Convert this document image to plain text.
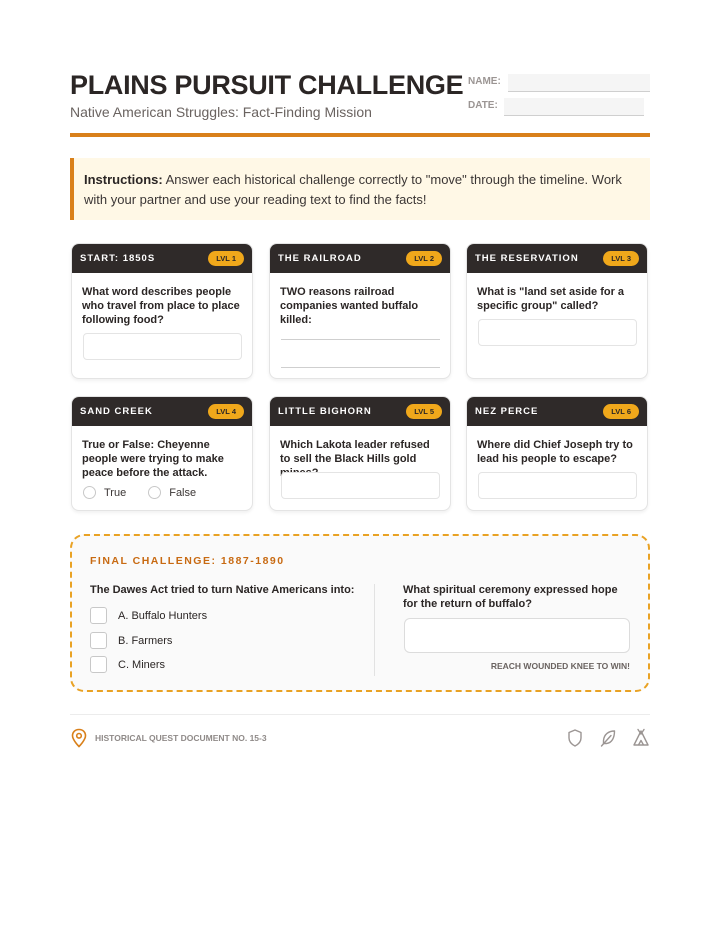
PLAINS PURSUIT CHALLENGE
Native American Struggles: Fact-Finding Mission
NAME:
DATE:
Instructions: Answer each historical challenge correctly to "move" through the timeline. Work with your partner and use your reading text to find the facts!
START: 1850S	LVL 1
What word describes people who travel from place to place following food?
THE RAILROAD	LVL 2
TWO reasons railroad companies wanted buffalo killed:
THE RESERVATION	LVL 3
What is "land set aside for a specific group" called?
SAND CREEK	LVL 4
True or False: Cheyenne people were trying to make peace before the attack.
True	False
LITTLE BIGHORN	LVL 5
Which Lakota leader refused to sell the Black Hills gold
NEZ PERCE	LVL 6
Where did Chief Joseph try to lead his people to escape?
FINAL CHALLENGE: 1887-1890
The Dawes Act tried to turn Native Americans into:
A. Buffalo Hunters
B. Farmers
C. Miners
What spiritual ceremony expressed hope for the return of buffalo?
REACH WOUNDED KNEE TO WIN!
HISTORICAL QUEST DOCUMENT NO. 15-3
